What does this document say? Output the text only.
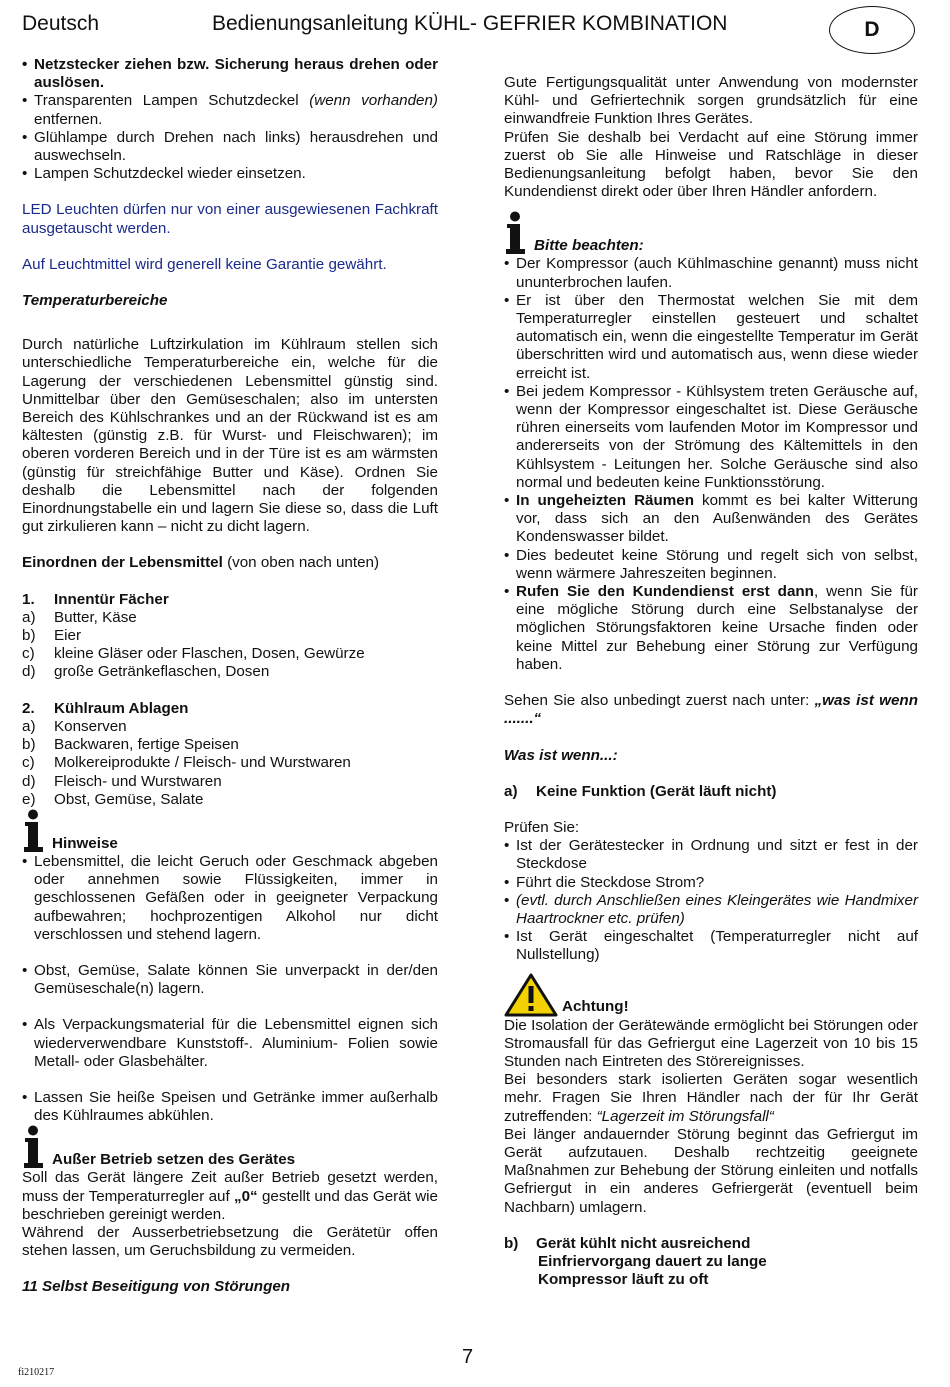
Deutsch	Bedienungsanleitung KÜHL- GEFRIER KOMBINATION	D
• Netzstecker ziehen bzw. Sicherung heraus drehen oder auslösen.
• Transparenten Lampen Schutzdeckel (wenn vorhanden) entfernen.
• Glühlampe durch Drehen nach links) herausdrehen und auswechseln.
• Lampen Schutzdeckel wieder einsetzen.
LED Leuchten dürfen nur von einer ausgewiesenen Fachkraft ausgetauscht werden.
Auf Leuchtmittel wird generell keine Garantie gewährt.
Temperaturbereiche
Durch natürliche Luftzirkulation im Kühlraum stellen sich unterschiedliche Temperaturbereiche ein, welche für die Lagerung der verschiedenen Lebensmittel günstig sind. Unmittelbar über den Gemüseschalen; also im untersten Bereich des Kühlschrankes und an der Rückwand ist es am kältesten (günstig z.B. für Wurst- und Fleischwaren); im oberen vorderen Bereich und in der Türe ist es am wärmsten (günstig für streichfähige Butter und Käse). Ordnen Sie deshalb die Lebensmittel nach der folgenden Einordnungstabelle ein und lagern Sie diese so, dass die Luft gut zirkulieren kann – nicht zu dicht lagern.
Einordnen der Lebensmittel (von oben nach unten)
1.	Innentür Fächer
a)	Butter, Käse
b)	Eier
c)	kleine Gläser oder Flaschen, Dosen, Gewürze
d)	große Getränkeflaschen, Dosen
2.	Kühlraum Ablagen
a)	Konserven
b)	Backwaren, fertige Speisen
c)	Molkereiprodukte / Fleisch- und Wurstwaren
d)	Fleisch- und Wurstwaren
e)	Obst, Gemüse, Salate
Hinweise
• Lebensmittel, die leicht Geruch oder Geschmack abgeben oder annehmen sowie Flüssigkeiten, immer in geschlossenen Gefäßen oder in geeigneter Verpackung aufbewahren; hochprozentigen Alkohol nur dicht verschlossen und stehend lagern.
• Obst, Gemüse, Salate können Sie unverpackt in der/den Gemüseschale(n) lagern.
• Als Verpackungsmaterial für die Lebensmittel eignen sich wiederverwendbare Kunststoff-. Aluminium- Folien sowie Metall- oder Glasbehälter.
• Lassen Sie heiße Speisen und Getränke immer außerhalb des Kühlraumes abkühlen.
Außer Betrieb setzen des Gerätes
Soll das Gerät längere Zeit außer Betrieb gesetzt werden, muss der Temperaturregler auf „0“ gestellt und das Gerät wie beschrieben gereinigt werden.
Während der Ausserbetriebsetzung die Gerätetür offen stehen lassen, um Geruchsbildung zu vermeiden.
11 Selbst Beseitigung von Störungen
Gute Fertigungsqualität unter Anwendung von modernster Kühl- und Gefriertechnik sorgen grundsätzlich für eine einwandfreie Funktion Ihres Gerätes.
Prüfen Sie deshalb bei Verdacht auf eine Störung immer zuerst ob Sie alle Hinweise und Ratschläge in dieser Bedienungsanleitung befolgt haben, bevor Sie den Kundendienst direkt oder über Ihren Händler anfordern.
Bitte beachten:
• Der Kompressor (auch Kühlmaschine genannt) muss nicht ununterbrochen laufen.
• Er ist über den Thermostat welchen Sie mit dem Temperaturregler einstellen gesteuert und schaltet automatisch ein, wenn die eingestellte Temperatur im Gerät überschritten wird und automatisch aus, wenn diese wieder erreicht ist.
• Bei jedem Kompressor - Kühlsystem treten Geräusche auf, wenn der Kompressor eingeschaltet ist. Diese Geräusche rühren einerseits vom laufenden Motor im Kompressor und andererseits von der Strömung des Kältemittels in den Kühlsystem - Leitungen her. Solche Geräusche sind also normal und bedeuten keine Funktionsstörung.
• In ungeheizten Räumen kommt es bei kalter Witterung vor, dass sich an den Außenwänden des Gerätes Kondenswasser bildet.
• Dies bedeutet keine Störung und regelt sich von selbst, wenn wärmere Jahreszeiten beginnen.
• Rufen Sie den Kundendienst erst dann, wenn Sie für eine mögliche Störung durch eine Selbstanalyse der möglichen Störungsfaktoren keine Ursache finden oder keine Mittel zur Behebung einer Störung zur Verfügung haben.
Sehen Sie also unbedingt zuerst nach unter: „was ist wenn .......“
Was ist wenn...:
a)	Keine Funktion (Gerät läuft nicht)
Prüfen Sie:
• Ist der Gerätestecker in Ordnung und sitzt er fest in der Steckdose
• Führt die Steckdose Strom?
• (evtl. durch Anschließen eines Kleingerätes wie Handmixer Haartrockner etc. prüfen)
• Ist Gerät eingeschaltet (Temperaturregler nicht auf Nullstellung)
Achtung!
Die Isolation der Gerätewände ermöglicht bei Störungen oder Stromausfall für das Gefriergut eine Lagerzeit von 10 bis 15 Stunden nach Eintreten des Störereignisses.
Bei besonders stark isolierten Geräten sogar wesentlich mehr. Fragen Sie Ihren Händler nach der für Ihr Gerät zutreffenden: “Lagerzeit im Störungsfall“
Bei länger andauernder Störung beginnt das Gefriergut im Gerät aufzutauen. Deshalb rechtzeitig geeignete Maßnahmen zur Behebung der Störung einleiten und notfalls Gefriergut in ein anderes Gefriergerät (eventuell beim Nachbarn) umlagern.
b)	Gerät kühlt nicht ausreichend
Einfriervorgang dauert zu lange
Kompressor läuft zu oft
7
fi210217
